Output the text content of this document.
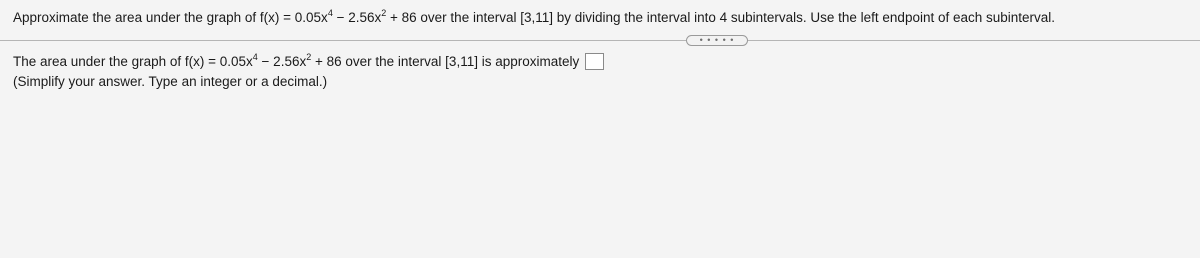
Approximate the area under the graph of $f(x) = 0.05x^4 - 2.56x^2 + 86$ over the interval [3,11] by dividing the interval into 4 subintervals. Use the left endpoint of each subinterval.
• • • • •
The area under the graph of $f(x) = 0.05x^4 - 2.56x^2 + 86$ over the interval [3,11] is approximately
(Simplify your answer. Type an integer or a decimal.)
